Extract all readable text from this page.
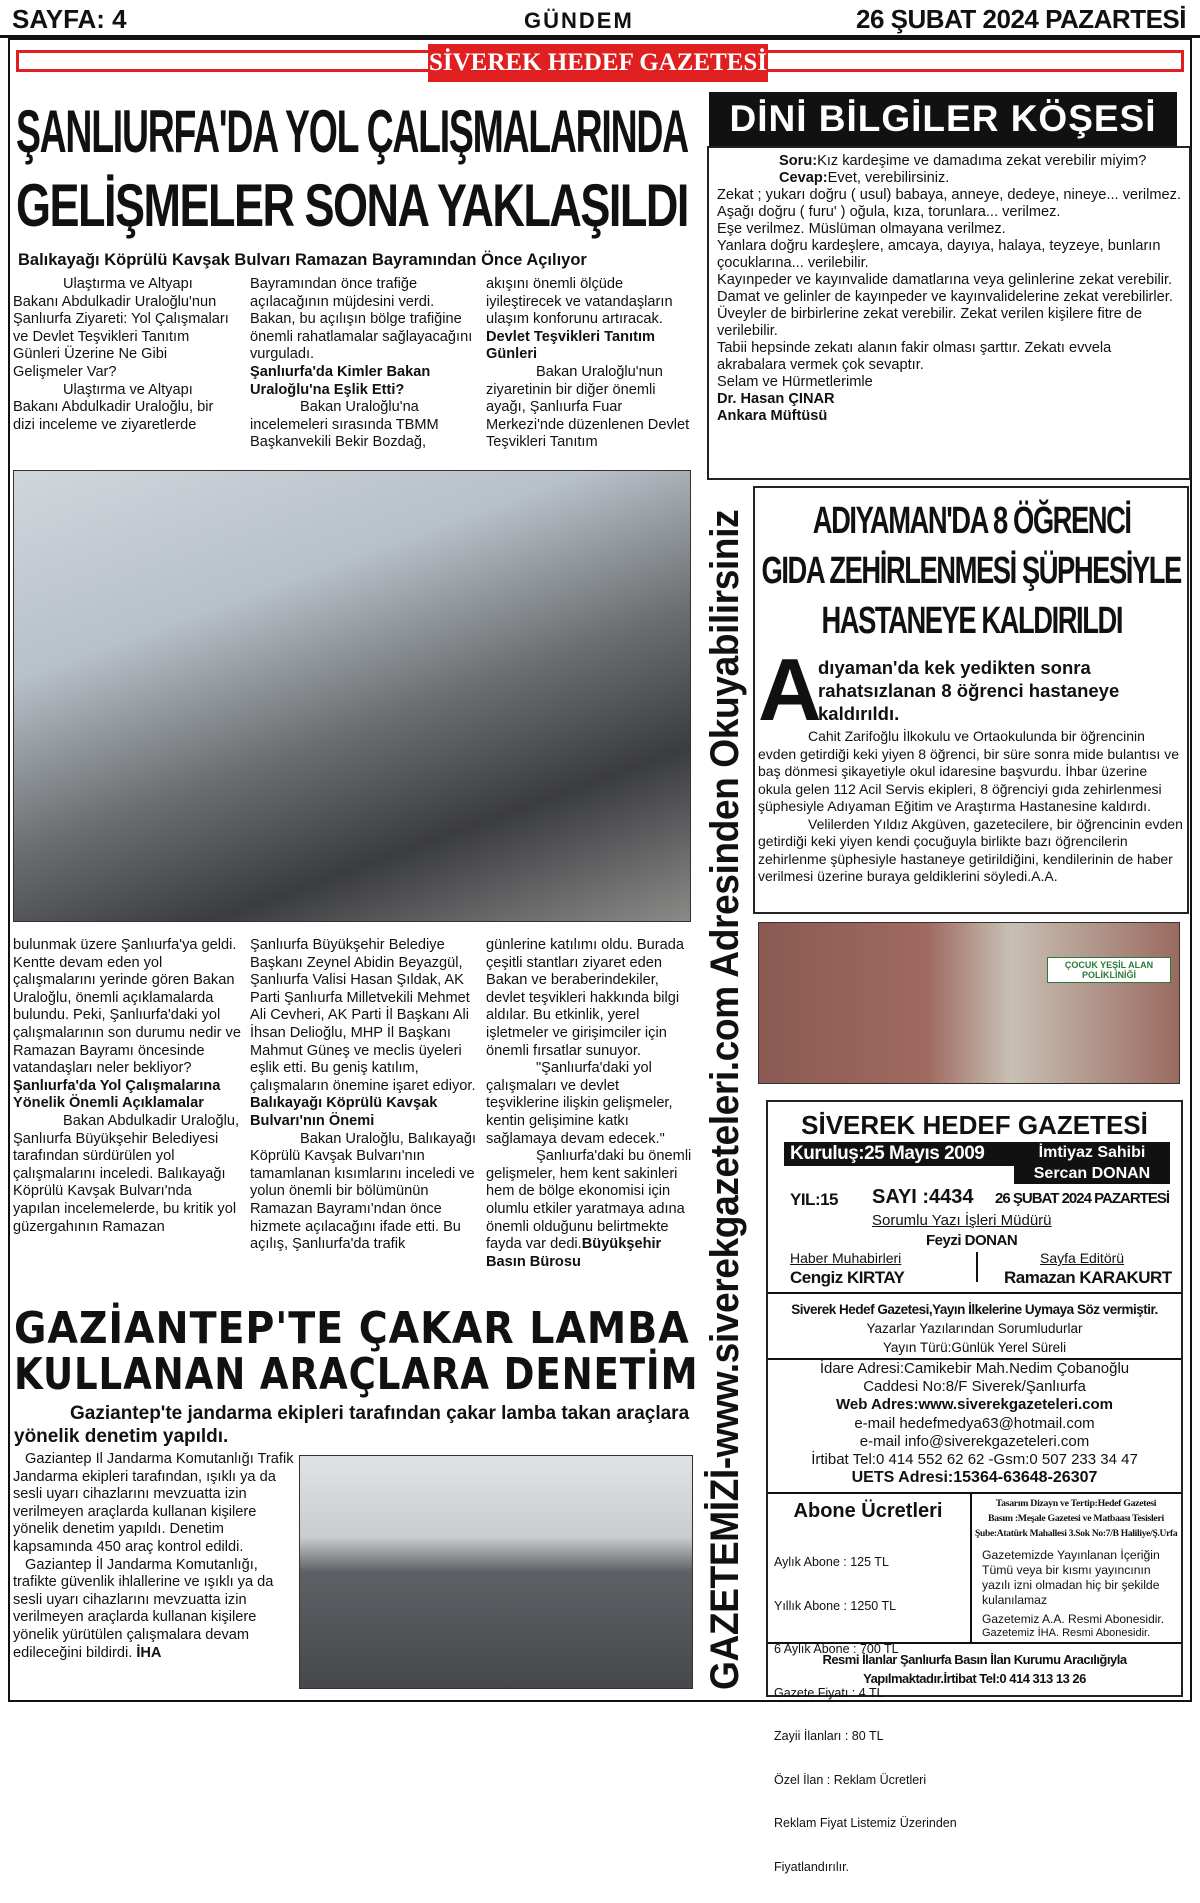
SAYFA: 4	GÜNDEM	26 ŞUBAT 2024 PAZARTESİ
SİVEREK HEDEF GAZETESİ
ŞANLIURFA'DA YOL ÇALIŞMALARINDA
GELİŞMELER SONA YAKLAŞILDI
Balıkayağı Köprülü Kavşak Bulvarı Ramazan Bayramından Önce Açılıyor

Ulaştırma ve Altyapı Bakanı Abdulkadir Uraloğlu'nun Şanlıurfa Ziyareti: Yol Çalışmaları ve Devlet Teşvikleri Tanıtım Günleri Üzerine Ne Gibi Gelişmeler Var?

Ulaştırma ve Altyapı Bakanı Abdulkadir Uraloğlu, bir dizi inceleme ve ziyaretlerde

Bayramından önce trafiğe açılacağının müjdesini verdi. Bakan, bu açılışın bölge trafiğine önemli rahatlamalar sağlayacağını vurguladı.
Şanlıurfa'da Kimler Bakan Uraloğlu'na Eşlik Etti?

Bakan Uraloğlu'na incelemeleri sırasında TBMM Başkanvekili Bekir Bozdağ,

akışını önemli ölçüde iyileştirecek ve vatandaşların ulaşım konforunu artıracak.
Devlet Teşvikleri Tanıtım Günleri

Bakan Uraloğlu'nun ziyaretinin bir diğer önemli ayağı, Şanlıurfa Fuar Merkezi'nde düzenlenen Devlet Teşvikleri Tanıtım

bulunmak üzere Şanlıurfa'ya geldi. Kentte devam eden yol çalışmalarını yerinde gören Bakan Uraloğlu, önemli açıklamalarda bulundu. Peki, Şanlıurfa'daki yol çalışmalarının son durumu nedir ve Ramazan Bayramı öncesinde vatandaşları neler bekliyor?
Şanlıurfa'da Yol Çalışmalarına Yönelik Önemli Açıklamalar

Bakan Abdulkadir Uraloğlu, Şanlıurfa Büyükşehir Belediyesi tarafından sürdürülen yol çalışmalarını inceledi. Balıkayağı Köprülü Kavşak Bulvarı'nda yapılan incelemelerde, bu kritik yol güzergahının Ramazan

Şanlıurfa Büyükşehir Belediye Başkanı Zeynel Abidin Beyazgül, Şanlıurfa Valisi Hasan Şıldak, AK Parti Şanlıurfa Milletvekili Mehmet Ali Cevheri, AK Parti İl Başkanı Ali İhsan Delioğlu, MHP İl Başkanı Mahmut Güneş ve meclis üyeleri eşlik etti. Bu geniş katılım, çalışmaların önemine işaret ediyor.
Balıkayağı Köprülü Kavşak Bulvarı'nın Önemi

Bakan Uraloğlu, Balıkayağı Köprülü Kavşak Bulvarı'nın tamamlanan kısımlarını inceledi ve yolun önemli bir bölümünün Ramazan Bayramı'ndan önce hizmete açılacağını ifade etti. Bu açılış, Şanlıurfa'da trafik

günlerine katılımı oldu. Burada çeşitli stantları ziyaret eden Bakan ve beraberindekiler, devlet teşvikleri hakkında bilgi aldılar. Bu etkinlik, yerel işletmeler ve girişimciler için önemli fırsatlar sunuyor.

"Şanlıurfa'daki yol çalışmaları ve devlet teşviklerine ilişkin gelişmeler, kentin gelişimine katkı sağlamaya devam edecek."

Şanlıurfa'daki bu önemli gelişmeler, hem kent sakinleri hem de bölge ekonomisi için olumlu etkiler yaratmaya adına önemli olduğunu belirtmekte fayda var dedi.Büyükşehir Basın Bürosu

GAZİANTEP'TE ÇAKAR LAMBA
KULLANAN ARAÇLARA DENETİM
Gaziantep'te jandarma ekipleri tarafından çakar lamba takan araçlara yönelik denetim yapıldı.
Gaziantep İl Jandarma Komutanlığı Trafik Jandarma ekipleri tarafından, ışıklı ya da sesli uyarı cihazlarını mevzuatta izin verilmeyen araçlarda kullanan kişilere yönelik denetim yapıldı. Denetim kapsamında 450 araç kontrol edildi.
Gaziantep İl Jandarma Komutanlığı, trafikte güvenlik ihlallerine ve ışıklı ya da sesli uyarı cihazlarını mevzuatta izin verilmeyen araçlarda kullanan kişilere yönelik yürütülen çalışmalara devam edileceğini bildirdi. İHA	GAZETEMİZİ-www.siverekgazeteleri.com Adresinden Okuyabilirsiniz
DİNİ BİLGİLER KÖŞESİ

Soru:Kız kardeşime ve damadıma zekat verebilir miyim?

Cevap:Evet, verebilirsiniz.

Zekat ; yukarı doğru ( usul) babaya, anneye, dedeye, nineye... verilmez. Aşağı doğru ( furu' ) oğula, kıza, torunlara... verilmez.

Eşe verilmez. Müslüman olmayana verilmez.

Yanlara doğru kardeşlere, amcaya, dayıya, halaya, teyzeye, bunların çocuklarına... verilebilir.

Kayınpeder ve kayınvalide damatlarına veya gelinlerine zekat verebilir.

Damat ve gelinler de kayınpeder ve kayınvalidelerine zekat verebilirler.

Üveyler de birbirlerine zekat verebilir. Zekat verilen kişilere fitre de verilebilir.

Tabii hepsinde zekatı alanın fakir olması şarttır. Zekatı evvela akrabalara vermek çok sevaptır.

Selam ve Hürmetlerimle

Dr. Hasan ÇINAR

Ankara Müftüsü

ADIYAMAN'DA 8 ÖĞRENCİ
GIDA ZEHİRLENMESİ ŞÜPHESİYLE
HASTANEYE KALDIRILDI
A
dıyaman'da kek yedikten sonra rahatsızlanan 8 öğrenci hastaneye kaldırıldı.

Cahit Zarifoğlu İlkokulu ve Ortaokulunda bir öğrencinin evden getirdiği keki yiyen 8 öğrenci, bir süre sonra mide bulantısı ve baş dönmesi şikayetiyle okul idaresine başvurdu. İhbar üzerine okula gelen 112 Acil Servis ekipleri, 8 öğrenciyi gıda zehirlenmesi şüphesiyle Adıyaman Eğitim ve Araştırma Hastanesine kaldırdı.

Velilerden Yıldız Akgüven, gazetecilere, bir öğrencinin evden getirdiği keki yiyen kendi çocuğuyla birlikte bazı öğrencilerin zehirlenme şüphesiyle hastaneye getirildiğini, kendilerinin de haber verilmesi üzerine buraya geldiklerini söyledi.A.A.

ÇOCUK YEŞİL ALAN POLİKLİNİĞİ
SİVEREK HEDEF GAZETESİ
Kuruluş:25 Mayıs 2009	İmtiyaz Sahibi
Sercan DONAN
YIL:15 SAYI :4434 26 ŞUBAT 2024 PAZARTESİ
Sorumlu Yazı İşleri Müdürü
Feyzi DONAN
Haber Muhabirleri
Cengiz KIRTAY
Sayfa Editörü
Ramazan KARAKURT
Siverek Hedef Gazetesi,Yayın İlkelerine Uymaya Söz vermiştir.
Yazarlar Yazılarından Sorumludurlar
Yayın Türü:Günlük Yerel Süreli
İdare Adresi:Camikebir Mah.Nedim Çobanoğlu
Caddesi No:8/F Siverek/Şanlıurfa
Web Adres:www.siverekgazeteleri.com
e-mail hedefmedya63@hotmail.com
e-mail info@siverekgazeteleri.com
İrtibat Tel:0 414 552 62 62 -Gsm:0 507 233 34 47
UETS Adresi:15364-63648-26307
Abone Ücretleri

Aylık Abone : 125 TL

Yıllık Abone : 1250 TL

6 Aylık Abone : 700 TL

Gazete Fiyatı : 4 TL

Zayii İlanları : 80 TL

Özel İlan : Reklam Ücretleri

Reklam Fiyat Listemiz Üzerinden

Fiyatlandırılır.

Tasarım Dizayn ve Tertip:Hedef Gazetesi
Basım :Meşale Gazetesi ve Matbaası Tesisleri
Şube:Atatürk Mahallesi 3.Sok No:7/B Haliliye/Ş.Urfa
Gazetemizde Yayınlanan İçeriğin Tümü veya bir kısmı yayıncının yazılı izni olmadan hiç bir şekilde kulanılamaz
Gazetemiz A.A. Resmi Abonesidir.
Gazetemiz İHA. Resmi Abonesidir.
Resmi İlanlar Şanlıurfa Basın İlan Kurumu Aracılığıyla
Yapılmaktadır.İrtibat Tel:0 414 313 13 26
